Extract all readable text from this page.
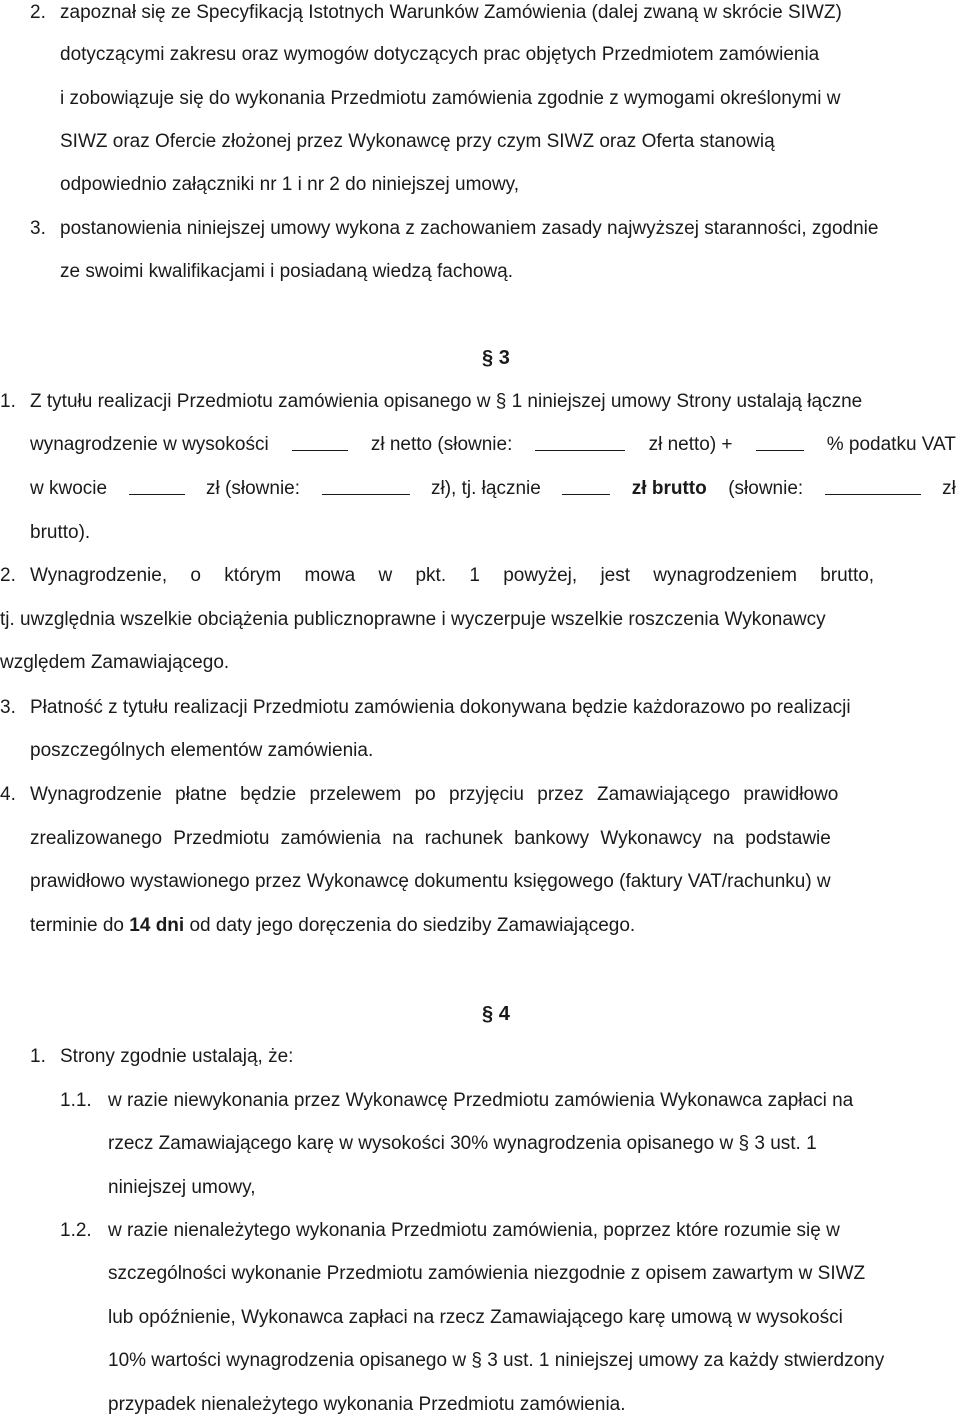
2. zapoznał się ze Specyfikacją Istotnych Warunków Zamówienia (dalej zwaną w skrócie SIWZ)
dotyczącymi zakresu oraz wymogów dotyczących prac objętych Przedmiotem zamówienia
i zobowiązuje się do wykonania Przedmiotu zamówienia zgodnie z wymogami określonymi w
SIWZ oraz Ofercie złożonej przez Wykonawcę przy czym SIWZ oraz Oferta stanowią
odpowiednio załączniki nr 1 i nr 2 do niniejszej umowy,
3. postanowienia niniejszej umowy wykona z zachowaniem zasady najwyższej staranności, zgodnie
ze swoimi kwalifikacjami i posiadaną wiedzą fachową.
§ 3
1. Z tytułu realizacji Przedmiotu zamówienia opisanego w § 1 niniejszej umowy Strony ustalają łączne
wynagrodzenie w wysokości	zł netto (słownie:	zł netto) +	% podatku VAT
w kwocie	zł (słownie:	zł), tj. łącznie	zł brutto (słownie:	zł
brutto).
2. Wynagrodzenie, o którym mowa w pkt. 1 powyżej, jest wynagrodzeniem brutto,
tj. uwzględnia wszelkie obciążenia publicznoprawne i wyczerpuje wszelkie roszczenia Wykonawcy
względem Zamawiającego.
3. Płatność z tytułu realizacji Przedmiotu zamówienia dokonywana będzie każdorazowo po realizacji
poszczególnych elementów zamówienia.
4. Wynagrodzenie płatne będzie przelewem po przyjęciu przez Zamawiającego prawidłowo
zrealizowanego Przedmiotu zamówienia na rachunek bankowy Wykonawcy na podstawie
prawidłowo wystawionego przez Wykonawcę dokumentu księgowego (faktury VAT/rachunku) w
terminie do 14 dni od daty jego doręczenia do siedziby Zamawiającego.
§ 4
1. Strony zgodnie ustalają, że:
1.1. w razie niewykonania przez Wykonawcę Przedmiotu zamówienia Wykonawca zapłaci na
rzecz Zamawiającego karę w wysokości 30% wynagrodzenia opisanego w § 3 ust. 1
niniejszej umowy,
1.2. w razie nienależytego wykonania Przedmiotu zamówienia, poprzez które rozumie się w
szczególności wykonanie Przedmiotu zamówienia niezgodnie z opisem zawartym w SIWZ
lub opóźnienie, Wykonawca zapłaci na rzecz Zamawiającego karę umową w wysokości
10% wartości wynagrodzenia opisanego w § 3 ust. 1 niniejszej umowy za każdy stwierdzony
przypadek nienależytego wykonania Przedmiotu zamówienia.
